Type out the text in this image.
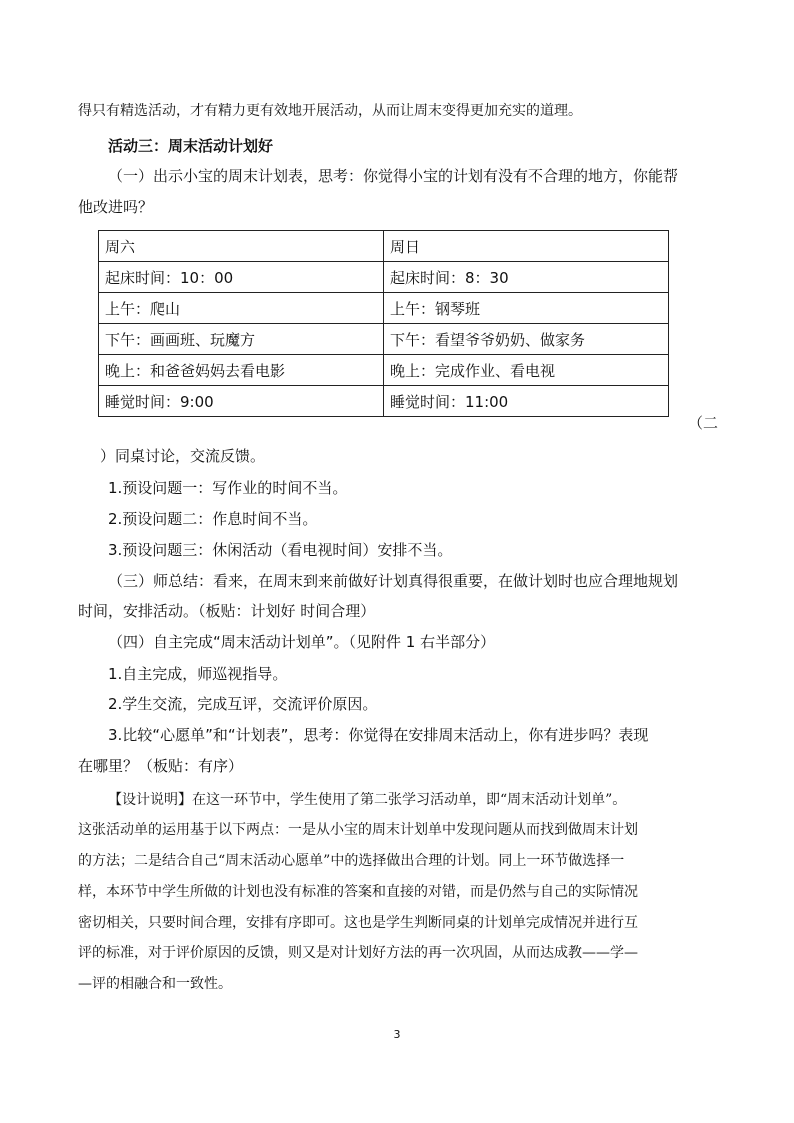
得只有精选活动，才有精力更有效地开展活动，从而让周末变得更加充实的道理。
活动三：周末活动计划好
（一）出示小宝的周末计划表，思考：你觉得小宝的计划有没有不合理的地方，你能帮
他改进吗？
周六	周日
起床时间：10：00	起床时间：8：30
上午：爬山	上午：钢琴班
下午：画画班、玩魔方	下午：看望爷爷奶奶、做家务
晚上：和爸爸妈妈去看电影	晚上：完成作业、看电视
睡觉时间：9:00	睡觉时间：11:00
（二
）同桌讨论，交流反馈。
1.预设问题一：写作业的时间不当。
2.预设问题二：作息时间不当。
3.预设问题三：休闲活动（看电视时间）安排不当。
（三）师总结：看来，在周末到来前做好计划真得很重要，在做计划时也应合理地规划
时间，安排活动。（板贴：计划好 时间合理）
（四）自主完成“周末活动计划单”。（见附件 1 右半部分）
1.自主完成，师巡视指导。
2.学生交流，完成互评，交流评价原因。
3.比较“心愿单”和“计划表”，思考：你觉得在安排周末活动上，你有进步吗？表现
在哪里？（板贴：有序）
【设计说明】在这一环节中，学生使用了第二张学习活动单，即“周末活动计划单”。
这张活动单的运用基于以下两点：一是从小宝的周末计划单中发现问题从而找到做周末计划
的方法；二是结合自己“周末活动心愿单”中的选择做出合理的计划。同上一环节做选择一
样，本环节中学生所做的计划也没有标准的答案和直接的对错，而是仍然与自己的实际情况
密切相关，只要时间合理，安排有序即可。这也是学生判断同桌的计划单完成情况并进行互
评的标准，对于评价原因的反馈，则又是对计划好方法的再一次巩固，从而达成教——学—
—评的相融合和一致性。
3
